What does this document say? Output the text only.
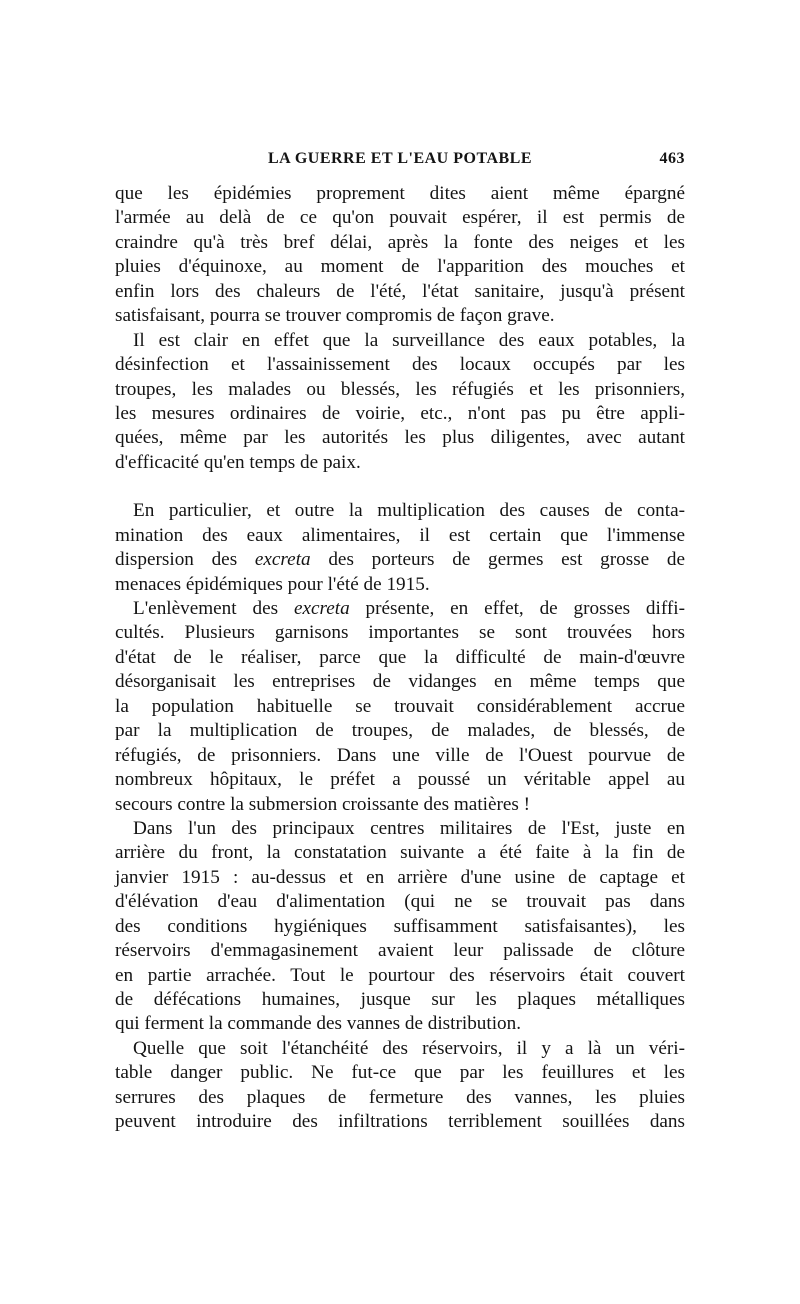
LA GUERRE ET L'EAU POTABLE	463
que les épidémies proprement dites aient même épargné
l'armée au delà de ce qu'on pouvait espérer, il est permis de
craindre qu'à très bref délai, après la fonte des neiges et les
pluies d'équinoxe, au moment de l'apparition des mouches et
enfin lors des chaleurs de l'été, l'état sanitaire, jusqu'à présent
satisfaisant, pourra se trouver compromis de façon grave.
Il est clair en effet que la surveillance des eaux potables, la
désinfection et l'assainissement des locaux occupés par les
troupes, les malades ou blessés, les réfugiés et les prisonniers,
les mesures ordinaires de voirie, etc., n'ont pas pu être appli-
quées, même par les autorités les plus diligentes, avec autant
d'efficacité qu'en temps de paix.
En particulier, et outre la multiplication des causes de conta-
mination des eaux alimentaires, il est certain que l'immense
dispersion des excreta des porteurs de germes est grosse de
menaces épidémiques pour l'été de 1915.
L'enlèvement des excreta présente, en effet, de grosses diffi-
cultés. Plusieurs garnisons importantes se sont trouvées hors
d'état de le réaliser, parce que la difficulté de main-d'œuvre
désorganisait les entreprises de vidanges en même temps que
la population habituelle se trouvait considérablement accrue
par la multiplication de troupes, de malades, de blessés, de
réfugiés, de prisonniers. Dans une ville de l'Ouest pourvue de
nombreux hôpitaux, le préfet a poussé un véritable appel au
secours contre la submersion croissante des matières !
Dans l'un des principaux centres militaires de l'Est, juste en
arrière du front, la constatation suivante a été faite à la fin de
janvier 1915 : au-dessus et en arrière d'une usine de captage et
d'élévation d'eau d'alimentation (qui ne se trouvait pas dans
des conditions hygiéniques suffisamment satisfaisantes), les
réservoirs d'emmagasinement avaient leur palissade de clôture
en partie arrachée. Tout le pourtour des réservoirs était couvert
de défécations humaines, jusque sur les plaques métalliques
qui ferment la commande des vannes de distribution.
Quelle que soit l'étanchéité des réservoirs, il y a là un véri-
table danger public. Ne fut-ce que par les feuillures et les
serrures des plaques de fermeture des vannes, les pluies
peuvent introduire des infiltrations terriblement souillées dans
